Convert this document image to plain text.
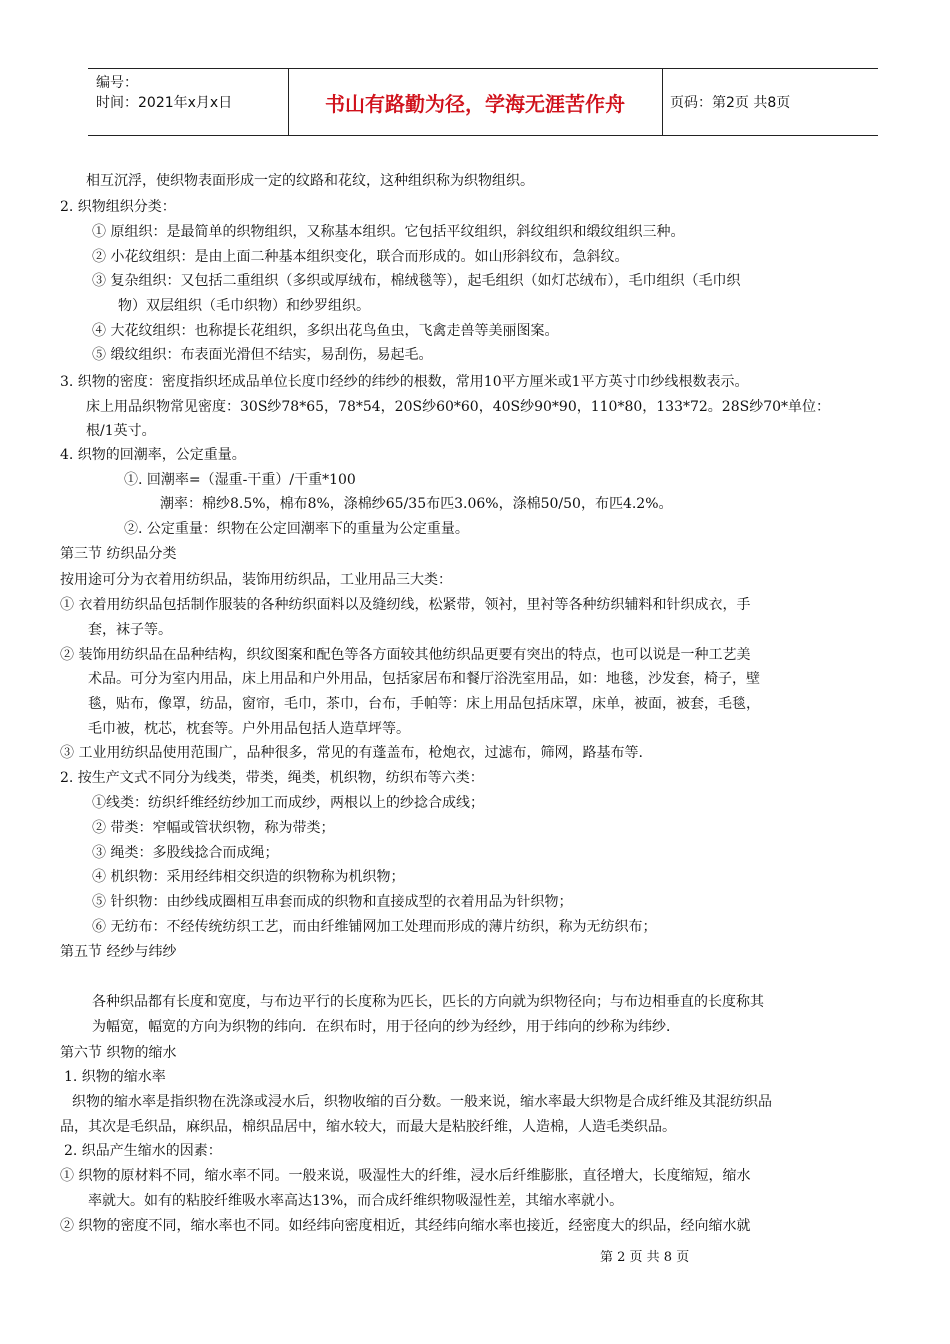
编号：
时间：2021年x月x日	书山有路勤为径，学海无涯苦作舟	页码：第2页 共8页
相互沉浮，使织物表面形成一定的纹路和花纹，这种组织称为织物组织。
2. 织物组织分类：
① 原组织：是最简单的织物组织，又称基本组织。它包括平纹组织，斜纹组织和缎纹组织三种。
② 小花纹组织：是由上面二种基本组织变化，联合而形成的。如山形斜纹布，急斜纹。
③ 复杂组织：又包括二重组织（多织或厚绒布，棉绒毯等），起毛组织（如灯芯绒布），毛巾组织（毛巾织
物）双层组织（毛巾织物）和纱罗组织。
④ 大花纹组织：也称提长花组织，多织出花鸟鱼虫，飞禽走兽等美丽图案。
⑤ 缎纹组织：布表面光滑但不结实，易刮伤，易起毛。
3. 织物的密度：密度指织坯成品单位长度巾经纱的纬纱的根数，常用10平方厘米或1平方英寸巾纱线根数表示。
床上用品织物常见密度：30S纱78*65，78*54，20S纱60*60，40S纱90*90，110*80，133*72。28S纱70*单位：
根/1英寸。
4. 织物的回潮率，公定重量。
①. 回潮率=（湿重-干重）/干重*100
潮率：棉纱8.5%，棉布8%，涤棉纱65/35布匹3.06%，涤棉50/50，布匹4.2%。
②. 公定重量：织物在公定回潮率下的重量为公定重量。
第三节 纺织品分类
按用途可分为衣着用纺织品，装饰用纺织品，工业用品三大类：
① 衣着用纺织品包括制作服装的各种纺织面料以及缝纫线，松紧带，领衬，里衬等各种纺织辅料和针织成衣，手
套，袜子等。
② 装饰用纺织品在品种结构，织纹图案和配色等各方面较其他纺织品更要有突出的特点，也可以说是一种工艺美
术品。可分为室内用品，床上用品和户外用品，包括家居布和餐厅浴洗室用品，如：地毯，沙发套，椅子，壁
毯，贴布，像罩，纺品，窗帘，毛巾，茶巾，台布，手帕等：床上用品包括床罩，床单，被面，被套，毛毯，
毛巾被，枕芯，枕套等。户外用品包括人造草坪等。
③ 工业用纺织品使用范围广，品种很多，常见的有蓬盖布，枪炮衣，过滤布，筛网，路基布等.
2. 按生产文式不同分为线类，带类，绳类，机织物，纺织布等六类：
①线类：纺织纤维经纺纱加工而成纱，两根以上的纱捻合成线；
② 带类：窄幅或管状织物，称为带类；
③ 绳类：多股线捻合而成绳；
④ 机织物：采用经纬相交织造的织物称为机织物；
⑤ 针织物：由纱线成圈相互串套而成的织物和直接成型的衣着用品为针织物；
⑥ 无纺布：不经传统纺织工艺，而由纤维铺网加工处理而形成的薄片纺织，称为无纺织布；
第五节 经纱与纬纱
各种织品都有长度和宽度，与布边平行的长度称为匹长，匹长的方向就为织物径向；与布边相垂直的长度称其
为幅宽，幅宽的方向为织物的纬向．在织布时，用于径向的纱为经纱，用于纬向的纱称为纬纱．
第六节 织物的缩水
1. 织物的缩水率
织物的缩水率是指织物在洗涤或浸水后，织物收缩的百分数。一般来说，缩水率最大织物是合成纤维及其混纺织品
品，其次是毛织品，麻织品，棉织品居中，缩水较大，而最大是粘胶纤维，人造棉，人造毛类织品。
2. 织品产生缩水的因素：
① 织物的原材料不同，缩水率不同。一般来说，吸湿性大的纤维，浸水后纤维膨胀，直径增大，长度缩短，缩水
率就大。如有的粘胶纤维吸水率高达13%，而合成纤维织物吸湿性差，其缩水率就小。
② 织物的密度不同，缩水率也不同。如经纬向密度相近，其经纬向缩水率也接近，经密度大的织品，经向缩水就
第 2 页 共 8 页
